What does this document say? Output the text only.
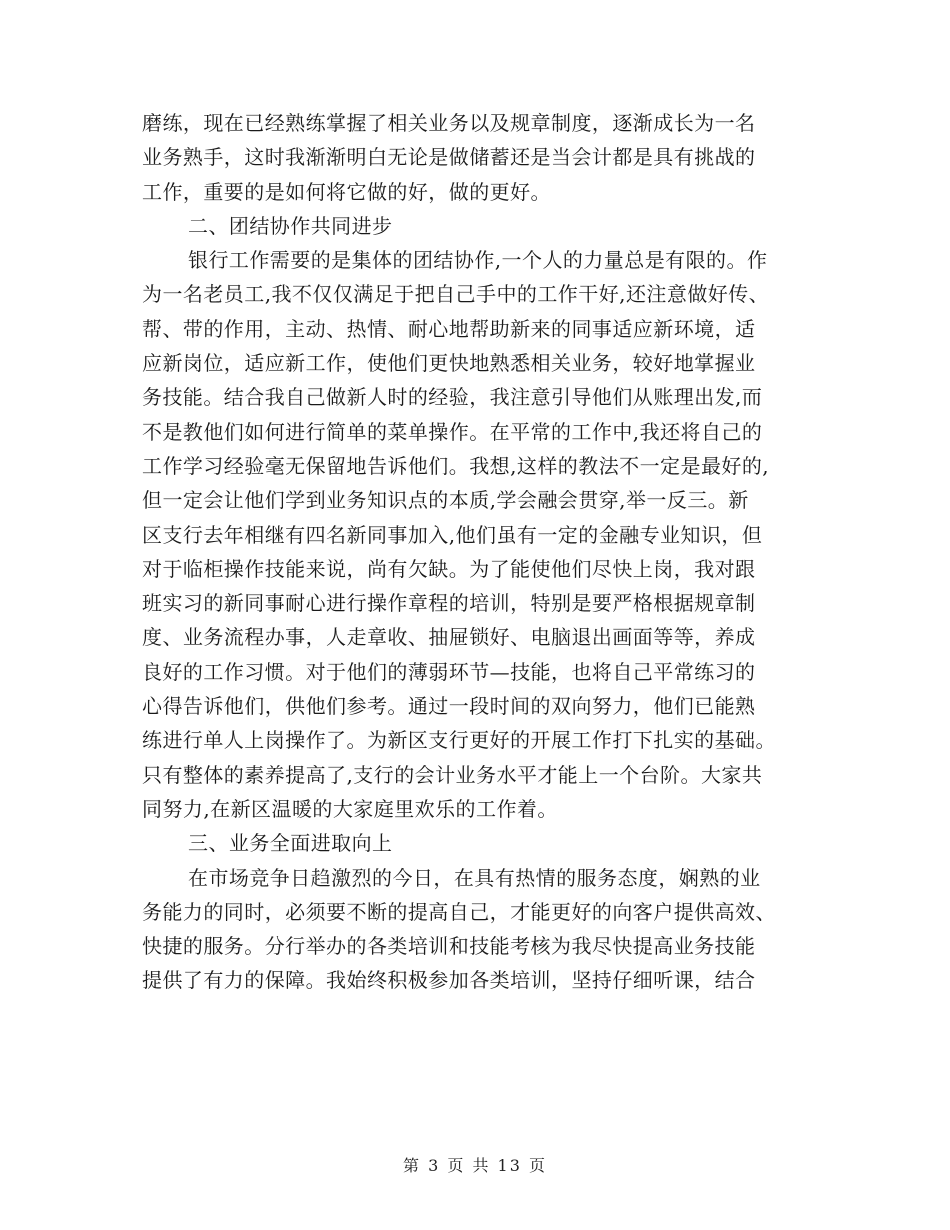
磨练，现在已经熟练掌握了相关业务以及规章制度，逐渐成长为一名
业务熟手，这时我渐渐明白无论是做储蓄还是当会计都是具有挑战的
工作，重要的是如何将它做的好，做的更好。
二、团结协作共同进步
银行工作需要的是集体的团结协作,一个人的力量总是有限的。作
为一名老员工,我不仅仅满足于把自己手中的工作干好,还注意做好传、
帮、带的作用，主动、热情、耐心地帮助新来的同事适应新环境，适
应新岗位，适应新工作，使他们更快地熟悉相关业务，较好地掌握业
务技能。结合我自己做新人时的经验，我注意引导他们从账理出发,而
不是教他们如何进行简单的菜单操作。在平常的工作中,我还将自己的
工作学习经验毫无保留地告诉他们。我想,这样的教法不一定是最好的,
但一定会让他们学到业务知识点的本质,学会融会贯穿,举一反三。新
区支行去年相继有四名新同事加入,他们虽有一定的金融专业知识，但
对于临柜操作技能来说，尚有欠缺。为了能使他们尽快上岗，我对跟
班实习的新同事耐心进行操作章程的培训，特别是要严格根据规章制
度、业务流程办事，人走章收、抽屉锁好、电脑退出画面等等，养成
良好的工作习惯。对于他们的薄弱环节—技能，也将自己平常练习的
心得告诉他们，供他们参考。通过一段时间的双向努力，他们已能熟
练进行单人上岗操作了。为新区支行更好的开展工作打下扎实的基础。
只有整体的素养提高了,支行的会计业务水平才能上一个台阶。大家共
同努力,在新区温暖的大家庭里欢乐的工作着。
三、业务全面进取向上
在市场竞争日趋激烈的今日，在具有热情的服务态度，娴熟的业
务能力的同时，必须要不断的提高自己，才能更好的向客户提供高效、
快捷的服务。分行举办的各类培训和技能考核为我尽快提高业务技能
提供了有力的保障。我始终积极参加各类培训，坚持仔细听课，结合
第 3 页 共 13 页
